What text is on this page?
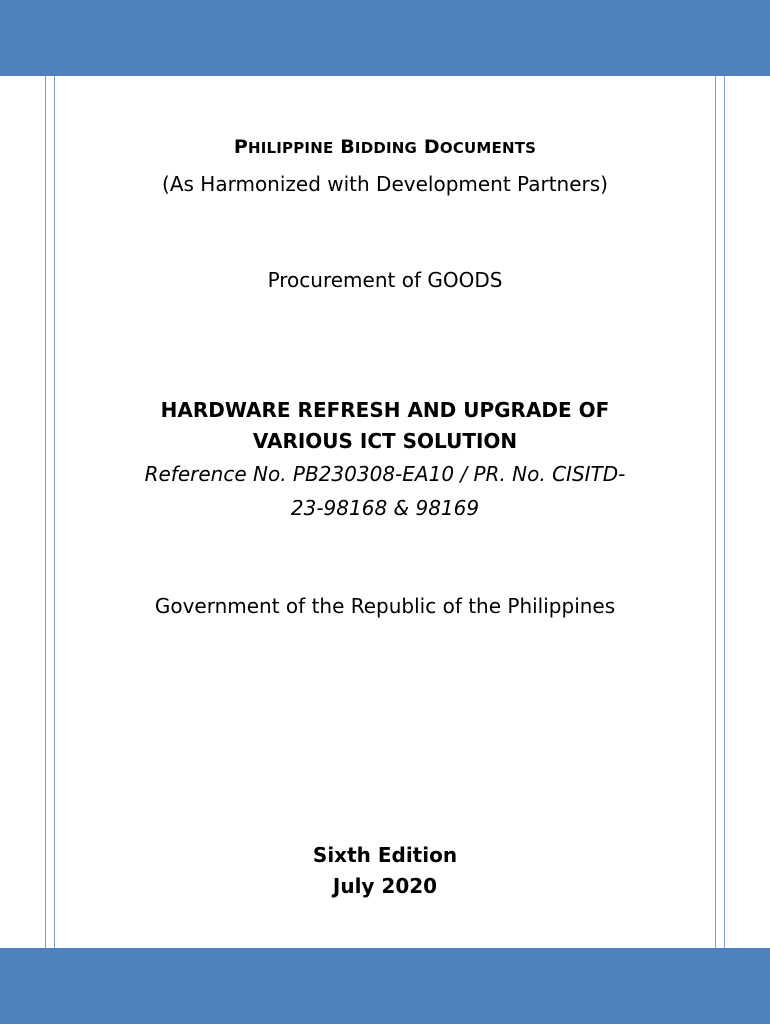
PHILIPPINE BIDDING DOCUMENTS
(As Harmonized with Development Partners)
Procurement of GOODS
HARDWARE REFRESH AND UPGRADE OF
VARIOUS ICT SOLUTION
Reference No. PB230308-EA10 / PR. No. CISITD-
23-98168 & 98169
Government of the Republic of the Philippines
Sixth Edition
July 2020
